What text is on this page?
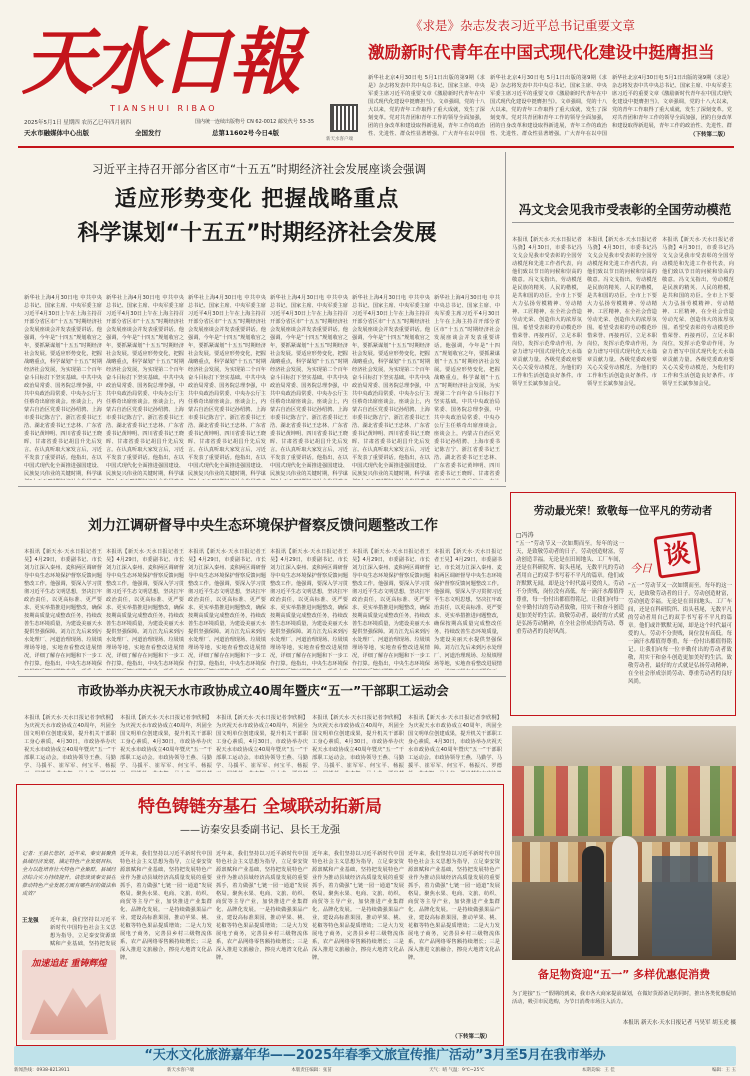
天水日報
TIANSHUI RIBAO
2025年5月1日 星期四 农历乙巳年四月初四
天水市融媒体中心出版	全国发行
国内统一连续出版物号 CN 62-0012 邮发代号 53-35
总第11602号 今日4版
新天水客户端
《求是》杂志发表习近平总书记重要文章
激励新时代青年在中国式现代化建设中挺膺担当
新华社北京4月30日电 5月1日出版的第9期《求是》杂志将发表中共中央总书记、国家主席、中央军委主席习近平的重要文章《激励新时代青年在中国式现代化建设中挺膺担当》。文章强调，党的十八大以来，党的青年工作取得了重大成就，发生了深刻变革。党对共青团和青年工作的领导全面加强，团的自身改革和建设取得新进展，青年工作的政治性、先进性、群众性显著增强。广大青年在以中国
新华社北京4月30日电 5月1日出版的第9期《求是》杂志将发表中共中央总书记、国家主席、中央军委主席习近平的重要文章《激励新时代青年在中国式现代化建设中挺膺担当》。文章强调，党的十八大以来，党的青年工作取得了重大成就，发生了深刻变革。党对共青团和青年工作的领导全面加强，团的自身改革和建设取得新进展，青年工作的政治性、先进性、群众性显著增强。广大青年在以中国
新华社北京4月30日电 5月1日出版的第9期《求是》杂志将发表中共中央总书记、国家主席、中央军委主席习近平的重要文章《激励新时代青年在中国式现代化建设中挺膺担当》。文章强调，党的十八大以来，党的青年工作取得了重大成就，发生了深刻变革。党对共青团和青年工作的领导全面加强，团的自身改革和建设取得新进展，青年工作的政治性、先进性、群
（下转第二版）
习近平主持召开部分省区市“十五五”时期经济社会发展座谈会强调
适应形势变化 把握战略重点
科学谋划“十五五”时期经济社会发展
新华社上海4月30日电 中共中央总书记、国家主席、中央军委主席习近平4月30日上午在上海主持召开部分省区市“十五五”时期经济社会发展座谈会并发表重要讲话。他强调，今年是“十四五”规划收官之年，要抓紧谋划“十五五”时期经济社会发展。要适应形势变化，把握战略重点，科学谋划“十五五”时期经济社会发展，为实现第二个百年奋斗目标打下坚实基础。中共中央政治局常委、国务院总理李强，中共中央政治局常委、中央办公厅主任蔡奇出席座谈会。座谈会上，内蒙古自治区党委书记孙绍骋、上海市委书记陈吉宁、浙江省委书记王浩、湖北省委书记王忠林、广东省委书记黄坤明、四川省委书记王晓晖、甘肃省委书记胡昌升先后发言。在认真听取大家发言后，习近平发表了重要讲话。他指出，在以中国式现代化全面推进强国建设、民族复兴伟业的关键时期，科学谋
新华社上海4月30日电 中共中央总书记、国家主席、中央军委主席习近平4月30日上午在上海主持召开部分省区市“十五五”时期经济社会发展座谈会并发表重要讲话。他强调，今年是“十四五”规划收官之年，要抓紧谋划“十五五”时期经济社会发展。要适应形势变化，把握战略重点，科学谋划“十五五”时期经济社会发展，为实现第二个百年奋斗目标打下坚实基础。中共中央政治局常委、国务院总理李强，中共中央政治局常委、中央办公厅主任蔡奇出席座谈会。座谈会上，内蒙古自治区党委书记孙绍骋、上海市委书记陈吉宁、浙江省委书记王浩、湖北省委书记王忠林、广东省委书记黄坤明、四川省委书记王晓晖、甘肃省委书记胡昌升先后发言。在认真听取大家发言后，习近平发表了重要讲话。他指出，在以中国式现代化全面推进强国建设、民族复兴伟业的关键时期，科学谋
新华社上海4月30日电 中共中央总书记、国家主席、中央军委主席习近平4月30日上午在上海主持召开部分省区市“十五五”时期经济社会发展座谈会并发表重要讲话。他强调，今年是“十四五”规划收官之年，要抓紧谋划“十五五”时期经济社会发展。要适应形势变化，把握战略重点，科学谋划“十五五”时期经济社会发展，为实现第二个百年奋斗目标打下坚实基础。中共中央政治局常委、国务院总理李强，中共中央政治局常委、中央办公厅主任蔡奇出席座谈会。座谈会上，内蒙古自治区党委书记孙绍骋、上海市委书记陈吉宁、浙江省委书记王浩、湖北省委书记王忠林、广东省委书记黄坤明、四川省委书记王晓晖、甘肃省委书记胡昌升先后发言。在认真听取大家发言后，习近平发表了重要讲话。他指出，在以中国式现代化全面推进强国建设、民族复兴伟业的关键时期，科学谋
新华社上海4月30日电 中共中央总书记、国家主席、中央军委主席习近平4月30日上午在上海主持召开部分省区市“十五五”时期经济社会发展座谈会并发表重要讲话。他强调，今年是“十四五”规划收官之年，要抓紧谋划“十五五”时期经济社会发展。要适应形势变化，把握战略重点，科学谋划“十五五”时期经济社会发展，为实现第二个百年奋斗目标打下坚实基础。中共中央政治局常委、国务院总理李强，中共中央政治局常委、中央办公厅主任蔡奇出席座谈会。座谈会上，内蒙古自治区党委书记孙绍骋、上海市委书记陈吉宁、浙江省委书记王浩、湖北省委书记王忠林、广东省委书记黄坤明、四川省委书记王晓晖、甘肃省委书记胡昌升先后发言。在认真听取大家发言后，习近平发表了重要讲话。他指出，在以中国式现代化全面推进强国建设、民族复兴伟业的关键时期，科学谋
新华社上海4月30日电 中共中央总书记、国家主席、中央军委主席习近平4月30日上午在上海主持召开部分省区市“十五五”时期经济社会发展座谈会并发表重要讲话。他强调，今年是“十四五”规划收官之年，要抓紧谋划“十五五”时期经济社会发展。要适应形势变化，把握战略重点，科学谋划“十五五”时期经济社会发展，为实现第二个百年奋斗目标打下坚实基础。中共中央政治局常委、国务院总理李强，中共中央政治局常委、中央办公厅主任蔡奇出席座谈会。座谈会上，内蒙古自治区党委书记孙绍骋、上海市委书记陈吉宁、浙江省委书记王浩、湖北省委书记王忠林、广东省委书记黄坤明、四川省委书记王晓晖、甘肃省委书记胡昌升先后发言。在认真听取大家发言后，习近平发表了重要讲话。他指出，在以中国式现代化全面推进强国建设、民族复兴伟业的关键时期，科学谋
新华社上海4月30日电 中共中央总书记、国家主席、中央军委主席习近平4月30日上午在上海主持召开部分省区市“十五五”时期经济社会发展座谈会并发表重要讲话。他强调，今年是“十四五”规划收官之年，要抓紧谋划“十五五”时期经济社会发展。要适应形势变化，把握战略重点，科学谋划“十五五”时期经济社会发展，为实现第二个百年奋斗目标打下坚实基础。中共中央政治局常委、国务院总理李强，中共中央政治局常委、中央办公厅主任蔡奇出席座谈会。座谈会上，内蒙古自治区党委书记孙绍骋、上海市委书记陈吉宁、浙江省委书记王浩、湖北省委书记王忠林、广东省委书记黄坤明、四川省委书记王晓晖、甘肃省委
冯文戈会见我市受表彰的全国劳动模范
本报讯【新天水·天水日报记者马骁】4月30日，市委书记冯文戈会见我市受表彰的全国劳动模范和先进工作者代表，向他们致以节日的问候和崇高的敬意。冯文戈指出，劳动模范是民族的精英、人民的楷模，是共和国的功臣。全市上下要大力弘扬劳模精神、劳动精神、工匠精神，在全社会营造劳动光荣、创造伟大的浓厚氛围。希望受表彰的劳动模范珍惜荣誉、再接再厉，立足本职岗位，发挥示范带动作用，为奋力谱写中国式现代化天水篇章贡献力量。各级党委政府要关心关爱劳动模范，为他们的工作和生活创造良好条件。市领导王长斌参加会见。
本报讯【新天水·天水日报记者马骁】4月30日，市委书记冯文戈会见我市受表彰的全国劳动模范和先进工作者代表，向他们致以节日的问候和崇高的敬意。冯文戈指出，劳动模范是民族的精英、人民的楷模，是共和国的功臣。全市上下要大力弘扬劳模精神、劳动精神、工匠精神，在全社会营造劳动光荣、创造伟大的浓厚氛围。希望受表彰的劳动模范珍惜荣誉、再接再厉，立足本职岗位，发挥示范带动作用，为奋力谱写中国式现代化天水篇章贡献力量。各级党委政府要关心关爱劳动模范，为他们的工作和生活创造良好条件。市领导王长斌参加会见。
本报讯【新天水·天水日报记者马骁】4月30日，市委书记冯文戈会见我市受表彰的全国劳动模范和先进工作者代表，向他们致以节日的问候和崇高的敬意。冯文戈指出，劳动模范是民族的精英、人民的楷模，是共和国的功臣。全市上下要大力弘扬劳模精神、劳动精神、工匠精神，在全社会营造劳动光荣、创造伟大的浓厚氛围。希望受表彰的劳动模范珍惜荣誉、再接再厉，立足本职岗位，发挥示范带动作用，为奋力谱写中国式现代化天水篇章贡献力量。各级党委政府要关心关爱劳动模范，为他们的工作和生活创造良好条件。市领导王长斌参加会见。
劳动最光荣！致敬每一位平凡的劳动者
□冯涛
今日 谈
“五一”劳动节又一次如期而至。每年的这一天，是致敬劳动者的日子。劳动创造财富，劳动创造幸福。无论是在田间地头、工厂车间，还是在科研院所、街头巷尾，无数平凡的劳动者用自己的双手书写着不平凡的篇章。他们或许默默无闻，却是这个时代最可爱的人。劳动不分贵贱，岗位没有高低。每一滴汗水都值得尊重，每一份付出都值得铭记。让我们向每一位辛勤付出的劳动者致敬，用实干和奋斗创造更加美好的生活。致敬劳动者，最好的方式就是弘扬劳动精神，在全社会形成崇尚劳动、尊重劳动者的良好风尚。
“五一”劳动节又一次如期而至。每年的这一天，是致敬劳动者的日子。劳动创造财富，劳动创造幸福。无论是在田间地头、工厂车间，还是在科研院所、街头巷尾，无数平凡的劳动者用自己的双手书写着不平凡的篇章。他们或许默默无闻，却是这个时代最可爱的人。劳动不分贵贱，岗位没有高低。每一滴汗水都值得尊重，每一份付出都值得铭记。让我们向每一位辛勤付出的劳动者致敬，用实干和奋斗创造更加美好的生活。致敬劳动者，最好的方式就是弘扬劳动精神，在全社会形成崇尚劳动、尊重劳动者的良好风尚。
刘力江调研督导中央生态环境保护督察反馈问题整改工作
本报讯【新天水·天水日报记者王昊】4月29日，市委副书记、市长刘力江深入秦州、麦积两区调研督导中央生态环境保护督察反馈问题整改工作。他强调，要深入学习贯彻习近平生态文明思想，坚决扛牢政治责任，以更高标准、更严要求、更实举措推进问题整改，确保按期高质量完成整改任务，持续改善生态环境质量，为建设美丽天水提供坚强保障。刘力江先后来到污水处理厂、河道治理现场、垃圾填埋场等地，实地查看整改进展情况，详细了解存在问题和下一步工作打算。他指出，中央生态环境保
本报讯【新天水·天水日报记者王昊】4月29日，市委副书记、市长刘力江深入秦州、麦积两区调研督导中央生态环境保护督察反馈问题整改工作。他强调，要深入学习贯彻习近平生态文明思想，坚决扛牢政治责任，以更高标准、更严要求、更实举措推进问题整改，确保按期高质量完成整改任务，持续改善生态环境质量，为建设美丽天水提供坚强保障。刘力江先后来到污水处理厂、河道治理现场、垃圾填埋场等地，实地查看整改进展情况，详细了解存在问题和下一步工作打算。他指出，中央生态环境保
本报讯【新天水·天水日报记者王昊】4月29日，市委副书记、市长刘力江深入秦州、麦积两区调研督导中央生态环境保护督察反馈问题整改工作。他强调，要深入学习贯彻习近平生态文明思想，坚决扛牢政治责任，以更高标准、更严要求、更实举措推进问题整改，确保按期高质量完成整改任务，持续改善生态环境质量，为建设美丽天水提供坚强保障。刘力江先后来到污水处理厂、河道治理现场、垃圾填埋场等地，实地查看整改进展情况，详细了解存在问题和下一步工作打算。他指出，中央生态环境保
本报讯【新天水·天水日报记者王昊】4月29日，市委副书记、市长刘力江深入秦州、麦积两区调研督导中央生态环境保护督察反馈问题整改工作。他强调，要深入学习贯彻习近平生态文明思想，坚决扛牢政治责任，以更高标准、更严要求、更实举措推进问题整改，确保按期高质量完成整改任务，持续改善生态环境质量，为建设美丽天水提供坚强保障。刘力江先后来到污水处理厂、河道治理现场、垃圾填埋场等地，实地查看整改进展情况，详细了解存在问题和下一步工作打算。他指出，中央生态环境保
本报讯【新天水·天水日报记者王昊】4月29日，市委副书记、市长刘力江深入秦州、麦积两区调研督导中央生态环境保护督察反馈问题整改工作。他强调，要深入学习贯彻习近平生态文明思想，坚决扛牢政治责任，以更高标准、更严要求、更实举措推进问题整改，确保按期高质量完成整改任务，持续改善生态环境质量，为建设美丽天水提供坚强保障。刘力江先后来到污水处理厂、河道治理现场、垃圾填埋场等地，实地查看整改进展情况，详细了解存在问题和下一步工作打算。他指出，中央生态环境保
本报讯【新天水·天水日报记者王昊】4月29日，市委副书记、市长刘力江深入秦州、麦积两区调研督导中央生态环境保护督察反馈问题整改工作。他强调，要深入学习贯彻习近平生态文明思想，坚决扛牢政治责任，以更高标准、更严要求、更实举措推进问题整改，确保按期高质量完成整改任务，持续改善生态环境质量，为建设美丽天水提供坚强保障。刘力江先后来到污水处理厂、河道治理现场、垃圾填埋场等地，实地查看整改进展情
市政协举办庆祝天水市政协成立40周年暨庆“五一”干部职工运动会
本报讯【新天水·天水日报记者李欣桐】为庆祝天水市政协成立40周年，巩固全国文明单位创建成果，提升机关干部职工身心素质，4月30日，市政协举办庆祝天水市政协成立40周年暨庆“五一”干部职工运动会。市政协领导王燕、马勤学、马援平、崔军军、何宝平、杨振
本报讯【新天水·天水日报记者李欣桐】为庆祝天水市政协成立40周年，巩固全国文明单位创建成果，提升机关干部职工身心素质，4月30日，市政协举办庆祝天水市政协成立40周年暨庆“五一”干部职工运动会。市政协领导王燕、马勤学、马援平、崔军军、何宝平、杨振
本报讯【新天水·天水日报记者李欣桐】为庆祝天水市政协成立40周年，巩固全国文明单位创建成果，提升机关干部职工身心素质，4月30日，市政协举办庆祝天水市政协成立40周年暨庆“五一”干部职工运动会。市政协领导王燕、马勤学、马援平、崔军军、何宝平、杨振
本报讯【新天水·天水日报记者李欣桐】为庆祝天水市政协成立40周年，巩固全国文明单位创建成果，提升机关干部职工身心素质，4月30日，市政协举办庆祝天水市政协成立40周年暨庆“五一”干部职工运动会。市政协领导王燕、马勤学、马援平、崔军军、何宝平、杨振
本报讯【新天水·天水日报记者李欣桐】为庆祝天水市政协成立40周年，巩固全国文明单位创建成果，提升机关干部职工身心素质，4月30日，市政协举办庆祝天水市政协成立40周年暨庆“五一”干部职工运动会。市政协领导王燕、马勤学、马援平、崔军军、何宝平、杨振兴、罗德
特色铸链夯基石 全域联动拓新局
——访秦安县委副书记、县长王龙强
记者：王县长您好，近年来，秦安县聚焦县域经济发展，锚定特色产业发展目标，全力以赴培育壮大特色产业集群，县域经济综合实力持续提升。请您谈谈秦安县在推动特色产业发展方面有哪些好的做法和成效？
王龙强 近年来，我们坚持以习近平新时代中国特色社会主义思想为指导，立足秦安资源禀赋和产业基础，坚持把发展
加速追赶 重铸辉煌
近年来，我们坚持以习近平新时代中国特色社会主义思想为指导，立足秦安资源禀赋和产业基础，坚持把发展特色产业作为推动县域经济高质量发展的重要抓手，着力做强“七链一园一通道”发展格局。聚焦水果、电商、文旅、纺织、商贸等主导产业，加快推进产业集群化、品牌化发展。一是持续做强果品产业，建设高标准果园，推动苹果、桃、花椒等特色果品提质增效；二是大力发展电子商务，完善县乡村三级物流体系，农产品网络零售额持续增长；三是深入推进文旅融合，擦亮大地湾文化品牌。
近年来，我们坚持以习近平新时代中国特色社会主义思想为指导，立足秦安资源禀赋和产业基础，坚持把发展特色产业作为推动县域经济高质量发展的重要抓手，着力做强“七链一园一通道”发展格局。聚焦水果、电商、文旅、纺织、商贸等主导产业，加快推进产业集群化、品牌化发展。一是持续做强果品产业，建设高标准果园，推动苹果、桃、花椒等特色果品提质增效；二是大力发展电子商务，完善县乡村三级物流体系，农产品网络零售额持续增长；三是深入推进文旅融合，擦亮大地湾文化品牌。
近年来，我们坚持以习近平新时代中国特色社会主义思想为指导，立足秦安资源禀赋和产业基础，坚持把发展特色产业作为推动县域经济高质量发展的重要抓手，着力做强“七链一园一通道”发展格局。聚焦水果、电商、文旅、纺织、商贸等主导产业，加快推进产业集群化、品牌化发展。一是持续做强果品产业，建设高标准果园，推动苹果、桃、花椒等特色果品提质增效；二是大力发展电子商务，完善县乡村三级物流体系，农产品网络零售额持续增长；三是深入推进文旅融合，擦亮大地湾文化品牌。
近年来，我们坚持以习近平新时代中国特色社会主义思想为指导，立足秦安资源禀赋和产业基础，坚持把发展特色产业作为推动县域经济高质量发展的重要抓手，着力做强“七链一园一通道”发展格局。聚焦水果、电商、文旅、纺织、商贸等主导产业，加快推进产业集群化、品牌化发展。一是持续做强果品产业，建设高标准果园，推动苹果、桃、花椒等特色果品提质增效；二是大力发展电子商务，完善县乡村三级物流体系，农产品网络零售额持续增长；三是深入推进文旅融合，擦亮大地湾文化品牌。
（下转第二版）
备足物资迎“五一” 多样优惠促消费
为了迎接“五一”假期的到来，我市各大商家提前谋划，在做好货源备足的同时，推出各类优惠促销活动，吸引市民选购，为节日消费市场注入活力。
本报讯 新天水·天水日报记者 马昊军 胡玉虎 摄
“天水文化旅游嘉年华——2025年春季文旅宣传推广活动”3月至5月在我市举办
新闻热线：0938-8213911	新天水客户端	本版责任编辑：张苗	天气：晴 气温：9℃~25℃	本期美编：王 佳	编辑：王 玉
